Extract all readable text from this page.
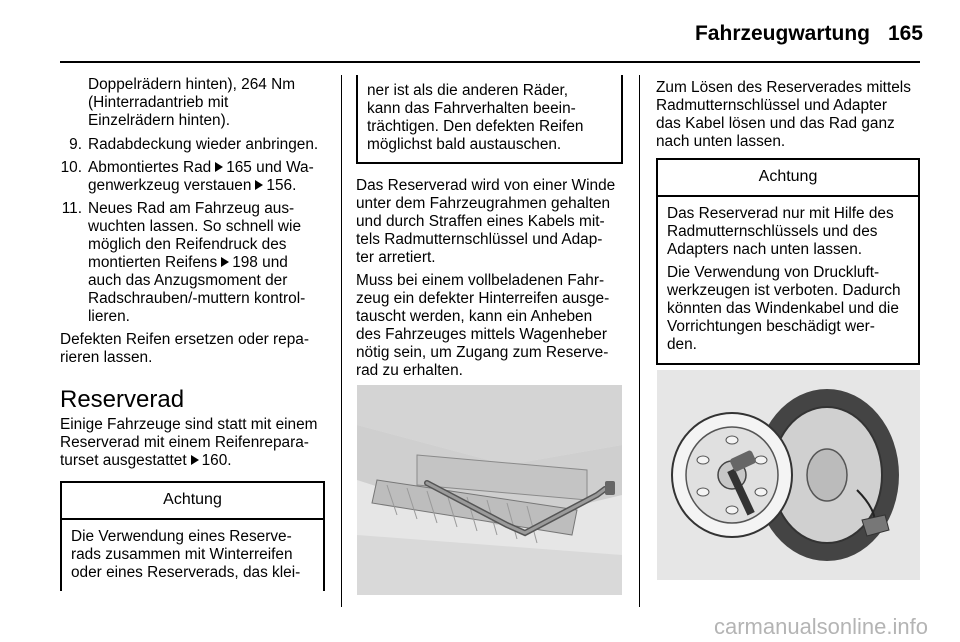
Fahrzeugwartung 165
Doppelrädern hinten), 264 Nm
(Hinterradantrieb mit
Einzelrädern hinten).
9. Radabdeckung wieder anbringen.
10. Abmontiertes Rad 165 und Wa-
genwerkzeug verstauen 156.
11. Neues Rad am Fahrzeug aus-
wuchten lassen. So schnell wie
möglich den Reifendruck des
montierten Reifens 198 und
auch das Anzugsmoment der
Radschrauben/-muttern kontrol-
lieren.
Defekten Reifen ersetzen oder repa-
rieren lassen.
Reserverad
Einige Fahrzeuge sind statt mit einem
Reserverad mit einem Reifenrepara-
turset ausgestattet 160.
Achtung
Die Verwendung eines Reserve-
rads zusammen mit Winterreifen
oder eines Reserverads, das klei-
ner ist als die anderen Räder,
kann das Fahrverhalten beein-
trächtigen. Den defekten Reifen
möglichst bald austauschen.
Das Reserverad wird von einer Winde
unter dem Fahrzeugrahmen gehalten
und durch Straffen eines Kabels mit-
tels Radmutternschlüssel und Adap-
ter arretiert.
Muss bei einem vollbeladenen Fahr-
zeug ein defekter Hinterreifen ausge-
tauscht werden, kann ein Anheben
des Fahrzeuges mittels Wagenheber
nötig sein, um Zugang zum Reserve-
rad zu erhalten.
Zum Lösen des Reserverades mittels
Radmutternschlüssel und Adapter
das Kabel lösen und das Rad ganz
nach unten lassen.
Achtung
Das Reserverad nur mit Hilfe des
Radmutternschlüssels und des
Adapters nach unten lassen.
Die Verwendung von Druckluft-
werkzeugen ist verboten. Dadurch
könnten das Windenkabel und die
Vorrichtungen beschädigt wer-
den.
carmanualsonline.info
